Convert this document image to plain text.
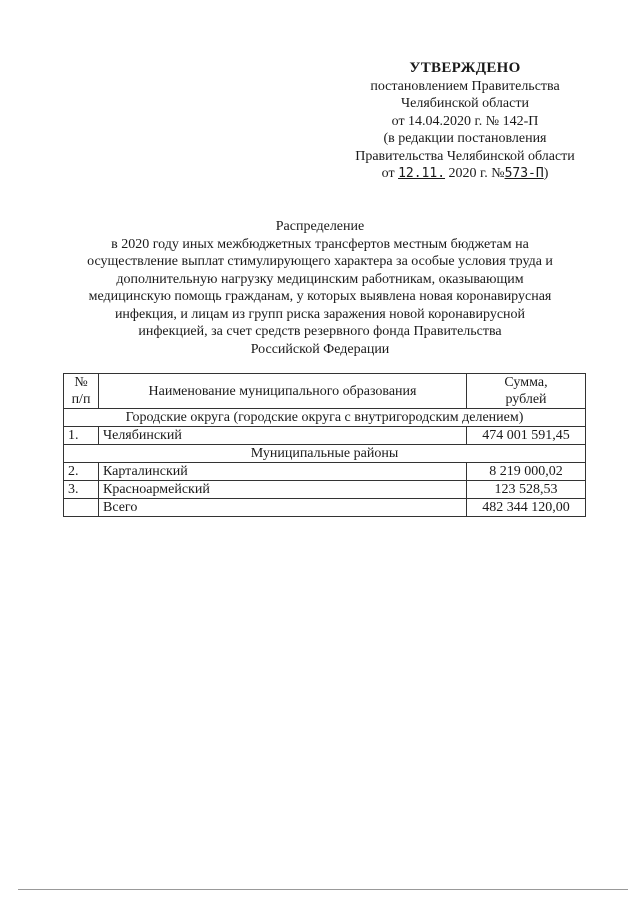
УТВЕРЖДЕНО
постановлением Правительства
Челябинской области
от 14.04.2020 г. № 142-П
(в редакции постановления
Правительства Челябинской области
от 12.11. 2020 г. №573-П)
Распределение
в 2020 году иных межбюджетных трансфертов местным бюджетам на
осуществление выплат стимулирующего характера за особые условия труда и
дополнительную нагрузку медицинским работникам, оказывающим
медицинскую помощь гражданам, у которых выявлена новая коронавирусная
инфекция, и лицам из групп риска заражения новой коронавирусной
инфекцией, за счет средств резервного фонда Правительства
Российской Федерации
№
п/п	Наименование муниципального образования	Сумма,
рублей
Городские округа (городские округа с внутригородским делением)		
1.	Челябинский	474 001 591,45
Муниципальные районы		
2.	Карталинский	8 219 000,02
3.	Красноармейский	123 528,53
	Всего	482 344 120,00
